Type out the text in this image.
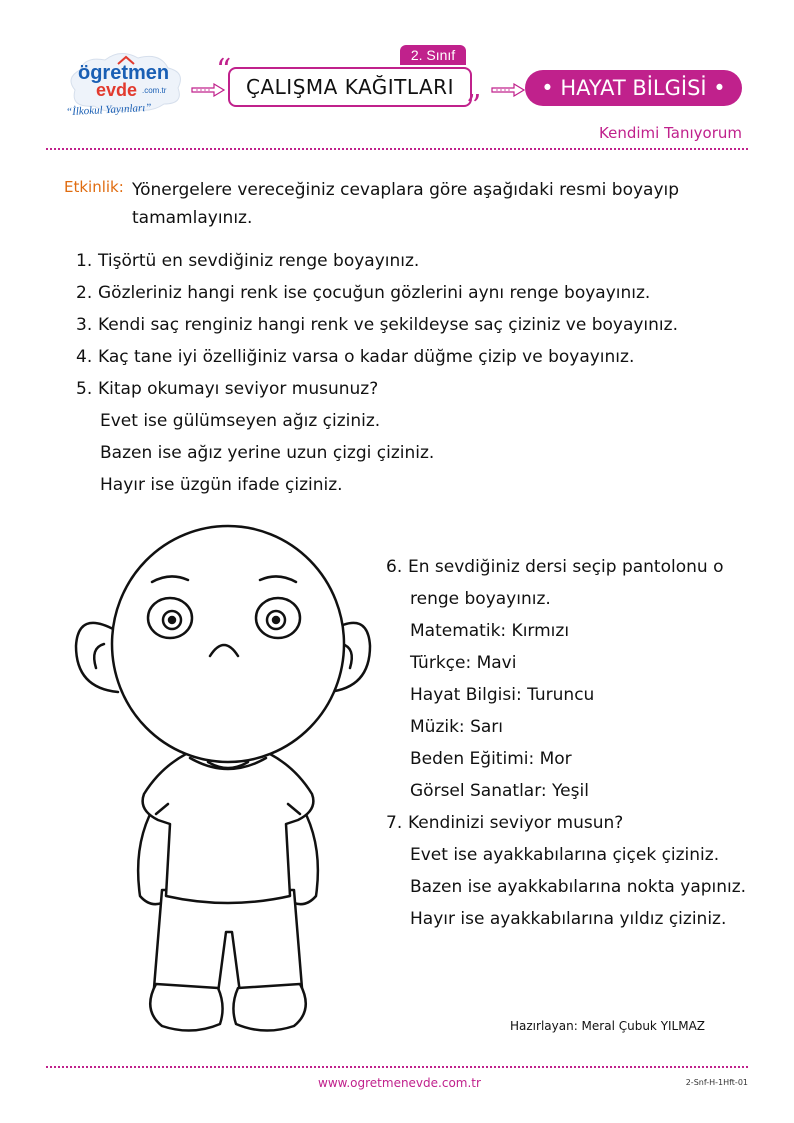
ögretmen
evde .com.tr
“İlkokul Yayınları”
“
”
2. Sınıf
ÇALIŞMA KAĞITLARI	• HAYAT BİLGİSİ •
Kendimi Tanıyorum
Etkinlik: Yönergelere vereceğiniz cevaplara göre aşağıdaki resmi boyayıp tamamlayınız.
1. Tişörtü en sevdiğiniz renge boyayınız.
2. Gözleriniz hangi renk ise çocuğun gözlerini aynı renge boyayınız.
3. Kendi saç renginiz hangi renk ve şekildeyse saç çiziniz ve boyayınız.
4. Kaç tane iyi özelliğiniz varsa o kadar düğme çizip ve boyayınız.
5. Kitap okumayı seviyor musunuz?
Evet ise gülümseyen ağız çiziniz.
Bazen ise ağız yerine uzun çizgi çiziniz.
Hayır ise üzgün ifade çiziniz.
6. En sevdiğiniz dersi seçip pantolonu o
renge boyayınız.
Matematik: Kırmızı
Türkçe: Mavi
Hayat Bilgisi: Turuncu
Müzik: Sarı
Beden Eğitimi: Mor
Görsel Sanatlar: Yeşil
7. Kendinizi seviyor musun?
Evet ise ayakkabılarına çiçek çiziniz.
Bazen ise ayakkabılarına nokta yapınız.
Hayır ise ayakkabılarına yıldız çiziniz.
Hazırlayan: Meral Çubuk YILMAZ
www.ogretmenevde.com.tr	2-Snf-H-1Hft-01
